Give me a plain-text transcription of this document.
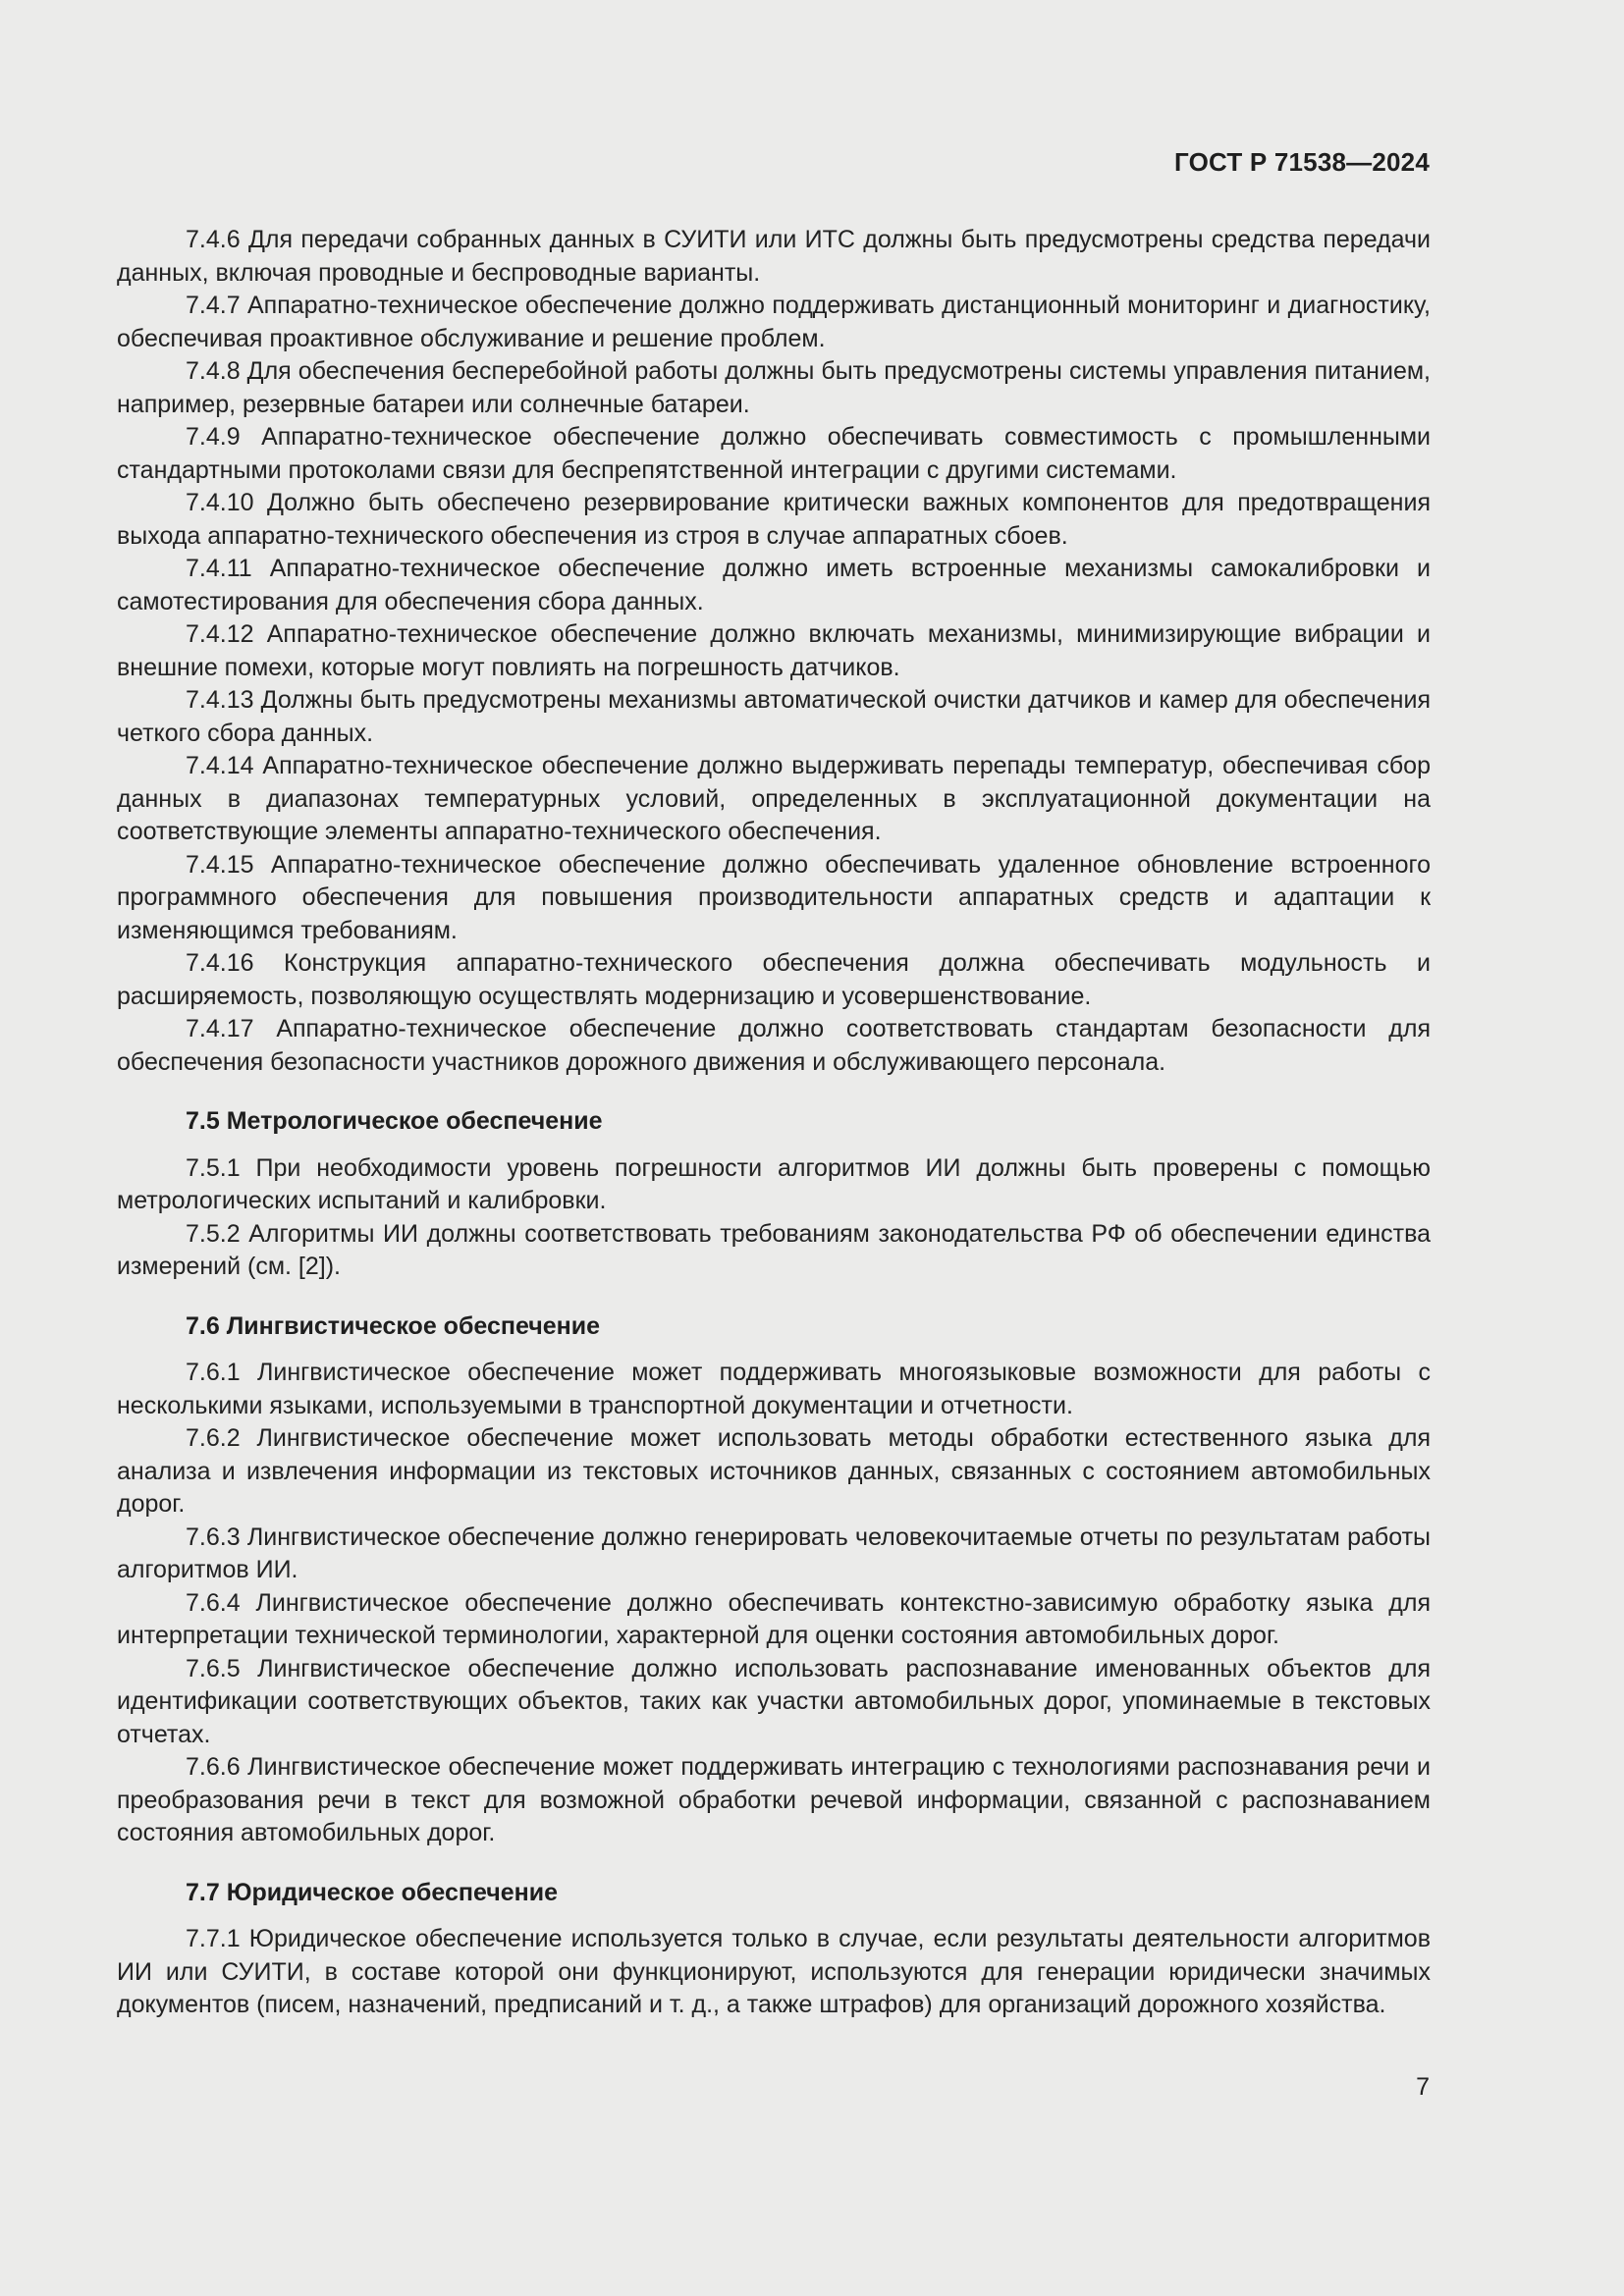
ГОСТ Р 71538—2024

7.4.6 Для передачи собранных данных в СУИТИ или ИТС должны быть предусмотрены средства передачи данных, включая проводные и беспроводные варианты.

7.4.7 Аппаратно-техническое обеспечение должно поддерживать дистанционный мониторинг и диагностику, обеспечивая проактивное обслуживание и решение проблем.

7.4.8 Для обеспечения бесперебойной работы должны быть предусмотрены системы управления питанием, например, резервные батареи или солнечные батареи.

7.4.9 Аппаратно-техническое обеспечение должно обеспечивать совместимость с промышленными стандартными протоколами связи для беспрепятственной интеграции с другими системами.

7.4.10 Должно быть обеспечено резервирование критически важных компонентов для предотвращения выхода аппаратно-технического обеспечения из строя в случае аппаратных сбоев.

7.4.11 Аппаратно-техническое обеспечение должно иметь встроенные механизмы самокалибровки и самотестирования для обеспечения сбора данных.

7.4.12 Аппаратно-техническое обеспечение должно включать механизмы, минимизирующие вибрации и внешние помехи, которые могут повлиять на погрешность датчиков.

7.4.13 Должны быть предусмотрены механизмы автоматической очистки датчиков и камер для обеспечения четкого сбора данных.

7.4.14 Аппаратно-техническое обеспечение должно выдерживать перепады температур, обеспечивая сбор данных в диапазонах температурных условий, определенных в эксплуатационной документации на соответствующие элементы аппаратно-технического обеспечения.

7.4.15 Аппаратно-техническое обеспечение должно обеспечивать удаленное обновление встроенного программного обеспечения для повышения производительности аппаратных средств и адаптации к изменяющимся требованиям.

7.4.16 Конструкция аппаратно-технического обеспечения должна обеспечивать модульность и расширяемость, позволяющую осуществлять модернизацию и усовершенствование.

7.4.17 Аппаратно-техническое обеспечение должно соответствовать стандартам безопасности для обеспечения безопасности участников дорожного движения и обслуживающего персонала.

7.5 Метрологическое обеспечение

7.5.1 При необходимости уровень погрешности алгоритмов ИИ должны быть проверены с помощью метрологических испытаний и калибровки.

7.5.2 Алгоритмы ИИ должны соответствовать требованиям законодательства РФ об обеспечении единства измерений (см. [2]).

7.6 Лингвистическое обеспечение

7.6.1 Лингвистическое обеспечение может поддерживать многоязыковые возможности для работы с несколькими языками, используемыми в транспортной документации и отчетности.

7.6.2 Лингвистическое обеспечение может использовать методы обработки естественного языка для анализа и извлечения информации из текстовых источников данных, связанных с состоянием автомобильных дорог.

7.6.3 Лингвистическое обеспечение должно генерировать человекочитаемые отчеты по результатам работы алгоритмов ИИ.

7.6.4 Лингвистическое обеспечение должно обеспечивать контекстно-зависимую обработку языка для интерпретации технической терминологии, характерной для оценки состояния автомобильных дорог.

7.6.5 Лингвистическое обеспечение должно использовать распознавание именованных объектов для идентификации соответствующих объектов, таких как участки автомобильных дорог, упоминаемые в текстовых отчетах.

7.6.6 Лингвистическое обеспечение может поддерживать интеграцию с технологиями распознавания речи и преобразования речи в текст для возможной обработки речевой информации, связанной с распознаванием состояния автомобильных дорог.

7.7 Юридическое обеспечение

7.7.1 Юридическое обеспечение используется только в случае, если результаты деятельности алгоритмов ИИ или СУИТИ, в составе которой они функционируют, используются для генерации юридически значимых документов (писем, назначений, предписаний и т. д., а также штрафов) для организаций дорожного хозяйства.

7
